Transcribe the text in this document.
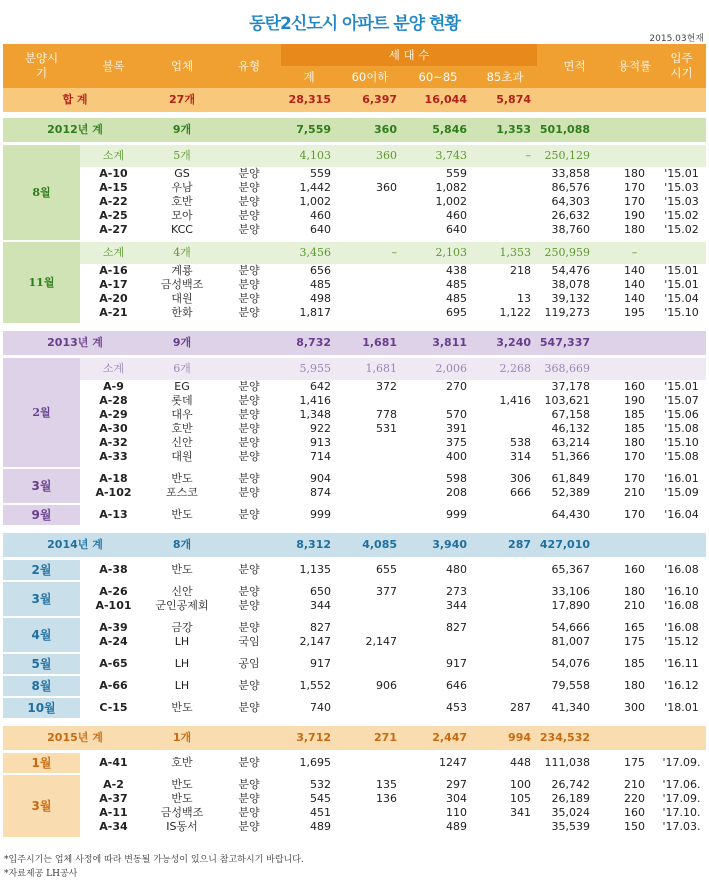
동탄2신도시 아파트 분양 현황
2015.03현재
분양시기	블록	업체	유형	세 대 수				면적	용적률	입주시기
				계	60이하	60~85	85초과			
합 계		27개		28,315	6,397	16,044	5,874			

2012년 계		9개		7,559	360	5,846	1,353	501,088		

8월	소계	5개		4,103	360	3,743	–	250,129		
	A-10	GS	분양	559		559		33,858	180	'15.01
	A-15	우남	분양	1,442	360	1,082		86,576	170	'15.03
	A-22	호반	분양	1,002		1,002		64,303	170	'15.03
	A-25	모아	분양	460		460		26,632	190	'15.02
	A-27	KCC	분양	640		640		38,760	180	'15.02

11월	소계	4개		3,456	–	2,103	1,353	250,959	–	
	A-16	계룡	분양	656		438	218	54,476	140	'15.01
	A-17	금성백조	분양	485		485		38,078	140	'15.01
	A-20	대원	분양	498		485	13	39,132	140	'15.04
	A-21	한화	분양	1,817		695	1,122	119,273	195	'15.10

2013년 계		9개		8,732	1,681	3,811	3,240	547,337		

2월	소계	6개		5,955	1,681	2,006	2,268	368,669		
	A-9	EG	분양	642	372	270		37,178	160	'15.01
	A-28	롯데	분양	1,416			1,416	103,621	190	'15.07
	A-29	대우	분양	1,348	778	570		67,158	185	'15.06
	A-30	호반	분양	922	531	391		46,132	185	'15.08
	A-32	신안	분양	913		375	538	63,214	180	'15.10
	A-33	대원	분양	714		400	314	51,366	170	'15.08

3월	A-18	반도	분양	904		598	306	61,849	170	'16.01
	A-102	포스코	분양	874		208	666	52,389	210	'15.09

9월	A-13	반도	분양	999		999		64,430	170	'16.04

2014년 계		8개		8,312	4,085	3,940	287	427,010		

2월	A-38	반도	분양	1,135	655	480		65,367	160	'16.08

3월	A-26	신안	분양	650	377	273		33,106	180	'16.10
	A-101	군인공제회	분양	344		344		17,890	210	'16.08

4월	A-39	금강	분양	827		827		54,666	165	'16.08
	A-24	LH	국임	2,147	2,147			81,007	175	'15.12

5월	A-65	LH	공임	917		917		54,076	185	'16.11

8월	A-66	LH	분양	1,552	906	646		79,558	180	'16.12

10월	C-15	반도	분양	740		453	287	41,340	300	'18.01

2015년 계		1개		3,712	271	2,447	994	234,532		

1월	A-41	호반	분양	1,695		1247	448	111,038	175	'17.09.

3월	A-2	반도	분양	532	135	297	100	26,742	210	'17.06.
	A-37	반도	분양	545	136	304	105	26,189	220	'17.09.
	A-11	금성백조	분양	451		110	341	35,024	160	'17.10.
	A-34	IS동서	분양	489		489		35,539	150	'17.03.

*입주시기는 업체 사정에 따라 변동될 가능성이 있으니 참고하시기 바랍니다.
*자료제공 LH공사
